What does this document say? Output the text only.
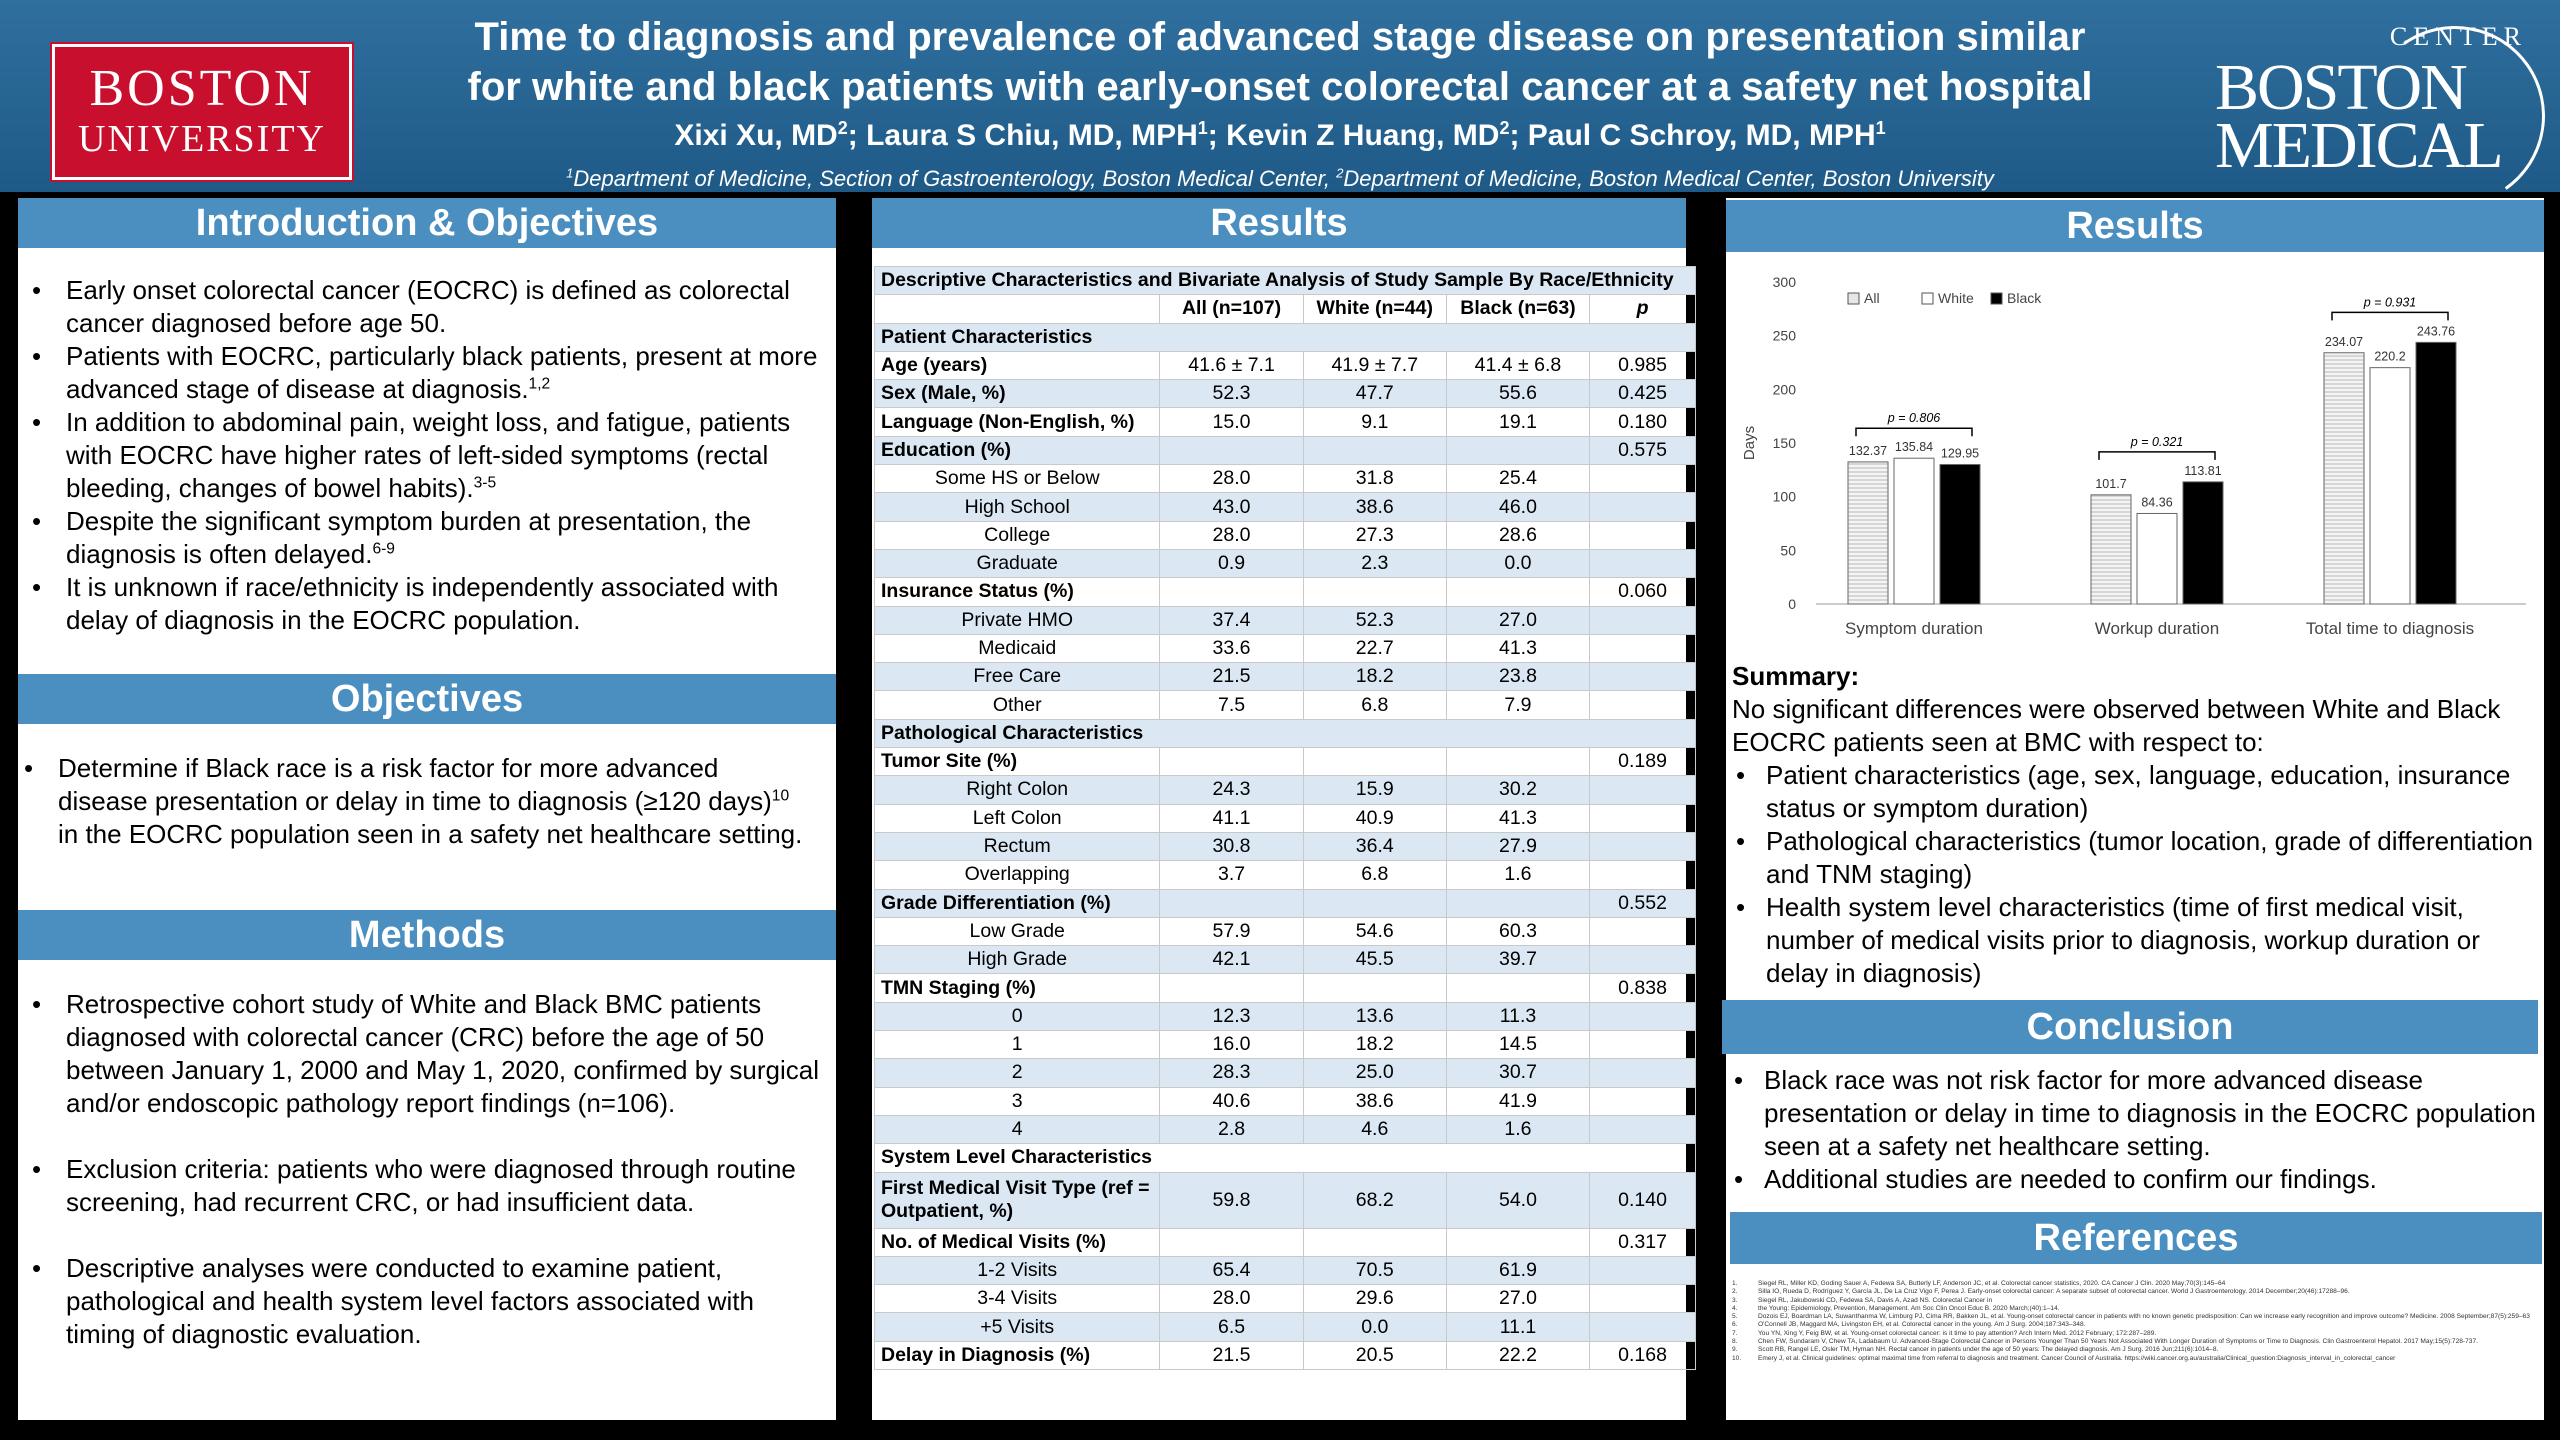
BOSTON
UNIVERSITY
Time to diagnosis and prevalence of advanced stage disease on presentation similar
for white and black patients with early-onset colorectal cancer at a safety net hospital
Xixi Xu, $MD^2$; Laura S Chiu, MD, MPH$^1$; Kevin Z Huang, $MD^2$; Paul C Schroy, MD, MPH$^1$
$^1$Department of Medicine, Section of Gastroenterology, Boston Medical Center, $^2$Department of Medicine, Boston Medical Center, Boston University
CENTER
BOSTON
MEDICAL
Introduction & Objectives
• Early onset colorectal cancer (EOCRC) is defined as colorectal cancer diagnosed before age 50.
• Patients with EOCRC, particularly black patients, present at more advanced stage of disease at diagnosis.$^{1,2}$
• In addition to abdominal pain, weight loss, and fatigue, patients with EOCRC have higher rates of left-sided symptoms (rectal bleeding, changes of bowel habits).$^{3-5}$
• Despite the significant symptom burden at presentation, the diagnosis is often delayed.$^{6-9}$
• It is unknown if race/ethnicity is independently associated with delay of diagnosis in the EOCRC population.
Objectives
• Determine if Black race is a risk factor for more advanced disease presentation or delay in time to diagnosis (≥120 days)$^{10}$ in the EOCRC population seen in a safety net healthcare setting.
Methods
• Retrospective cohort study of White and Black BMC patients diagnosed with colorectal cancer (CRC) before the age of 50 between January 1, 2000 and May 1, 2020, confirmed by surgical and/or endoscopic pathology report findings (n=106).
• Exclusion criteria: patients who were diagnosed through routine screening, had recurrent CRC, or had insufficient data.
• Descriptive analyses were conducted to examine patient, pathological and health system level factors associated with timing of diagnostic evaluation.
Results
Descriptive Characteristics and Bivariate Analysis of Study Sample By Race/Ethnicity				
	All (n=107)	White (n=44)	Black (n=63)	p
Patient Characteristics				
Age (years)	41.6 ± 7.1	41.9 ± 7.7	41.4 ± 6.8	0.985
Sex (Male, %)	52.3	47.7	55.6	0.425
Language (Non-English, %)	15.0	9.1	19.1	0.180
Education (%)				0.575
Some HS or Below	28.0	31.8	25.4	
High School	43.0	38.6	46.0	
College	28.0	27.3	28.6	
Graduate	0.9	2.3	0.0	
Insurance Status (%)				0.060
Private HMO	37.4	52.3	27.0	
Medicaid	33.6	22.7	41.3	
Free Care	21.5	18.2	23.8	
Other	7.5	6.8	7.9	
Pathological Characteristics				
Tumor Site (%)				0.189
Right Colon	24.3	15.9	30.2	
Left Colon	41.1	40.9	41.3	
Rectum	30.8	36.4	27.9	
Overlapping	3.7	6.8	1.6	
Grade Differentiation (%)				0.552
Low Grade	57.9	54.6	60.3	
High Grade	42.1	45.5	39.7	
TMN Staging (%)				0.838
0	12.3	13.6	11.3	
1	16.0	18.2	14.5	
2	28.3	25.0	30.7	
3	40.6	38.6	41.9	
4	2.8	4.6	1.6	
System Level Characteristics				
First Medical Visit Type (ref = Outpatient, %)	59.8	68.2	54.0	0.140
No. of Medical Visits (%)				0.317
1-2 Visits	65.4	70.5	61.9	
3-4 Visits	28.0	29.6	27.0	
+5 Visits	6.5	0.0	11.1	
Delay in Diagnosis (%)	21.5	20.5	22.2	0.168
Results
Conclusion
References
0
50
100
150
200
250
300
Days
All	White Black
132.37 135.84 129.95
p = 0.806
Symptom duration
101.7
84.36
113.81
p = 0.321
Workup duration
234.07
220.2
243.76
p = 0.931
Total time to diagnosis
Summary:
No significant differences were observed between White and Black EOCRC patients seen at BMC with respect to:
• Patient characteristics (age, sex, language, education, insurance status or symptom duration)
• Pathological characteristics (tumor location, grade of differentiation and TNM staging)
• Health system level characteristics (time of first medical visit, number of medical visits prior to diagnosis, workup duration or delay in diagnosis)
• Black race was not risk factor for more advanced disease presentation or delay in time to diagnosis in the EOCRC population seen at a safety net healthcare setting.
• Additional studies are needed to confirm our findings.
1.	Siegel RL, Miller KD, Goding Sauer A, Fedewa SA, Butterly LF, Anderson JC, et al. Colorectal cancer statistics, 2020. CA Cancer J Clin. 2020 May;70(3):145–64
2.	Silla IO, Rueda D, Rodríguez Y, García JL, De La Cruz Vigo F, Perea J. Early-onset colorectal cancer: A separate subset of colorectal cancer. World J Gastroenterology. 2014 December;20(46):17288–96.
3.	Siegel RL, Jakubowski CD, Fedewa SA, Davis A, Azad NS. Colorectal Cancer in
4.	the Young: Epidemiology, Prevention, Management. Am Soc Clin Oncol Educ B. 2020 March;(40):1–14.
5.	Dozois EJ, Boardman LA, Suwanthanma W, Limburg PJ, Cima RR, Bakken JL, et al. Young-onset colorectal cancer in patients with no known genetic predisposition: Can we increase early recognition and improve outcome? Medicine. 2008 September;87(5):259–63
6.	O'Connell JB, Maggard MA, Livingston EH, et al. Colorectal cancer in the young. Am J Surg. 2004;187:343–348.
7.	You YN, Xing Y, Feig BW, et al. Young-onset colorectal cancer: is it time to pay attention? Arch Intern Med. 2012 February; 172:287–289.
8.	Chen FW, Sundaram V, Chew TA, Ladabaum U. Advanced-Stage Colorectal Cancer in Persons Younger Than 50 Years Not Associated With Longer Duration of Symptoms or Time to Diagnosis. Clin Gastroenterol Hepatol. 2017 May;15(5):728-737.
9.	Scott RB, Rangel LE, Osler TM, Hyman NH. Rectal cancer in patients under the age of 50 years: The delayed diagnosis. Am J Surg. 2016 Jun;211(6):1014–8.
10.	Emery J, et al. Clinical guidelines: optimal maximal time from referral to diagnosis and treatment. Cancer Council of Australia. https://wiki.cancer.org.au/australia/Clinical_question:Diagnosis_interval_in_colorectal_cancer
